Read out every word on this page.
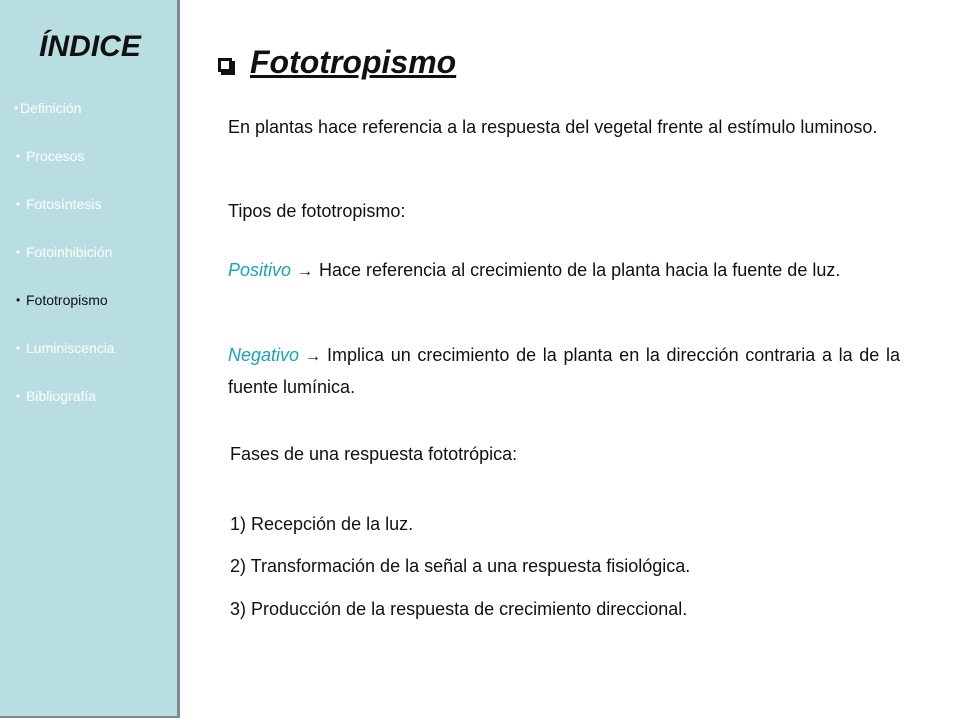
ÍNDICE
• Definición
• Procesos
• Fotosíntesis
• Fotoinhibición
• Fototropismo
• Luminiscencia
• Bibliografía
Fototropismo

En plantas hace referencia a la respuesta del vegetal frente al estímulo luminoso.

Tipos de fototropismo:

Positivo → Hace referencia al crecimiento de la planta hacia la fuente de luz.

Negativo → Implica un crecimiento de la planta en la dirección contraria a la de la fuente lumínica.

Fases de una respuesta fototrópica:

1) Recepción de la luz.

2) Transformación de la señal a una respuesta fisiológica.

3) Producción de la respuesta de crecimiento direccional.
